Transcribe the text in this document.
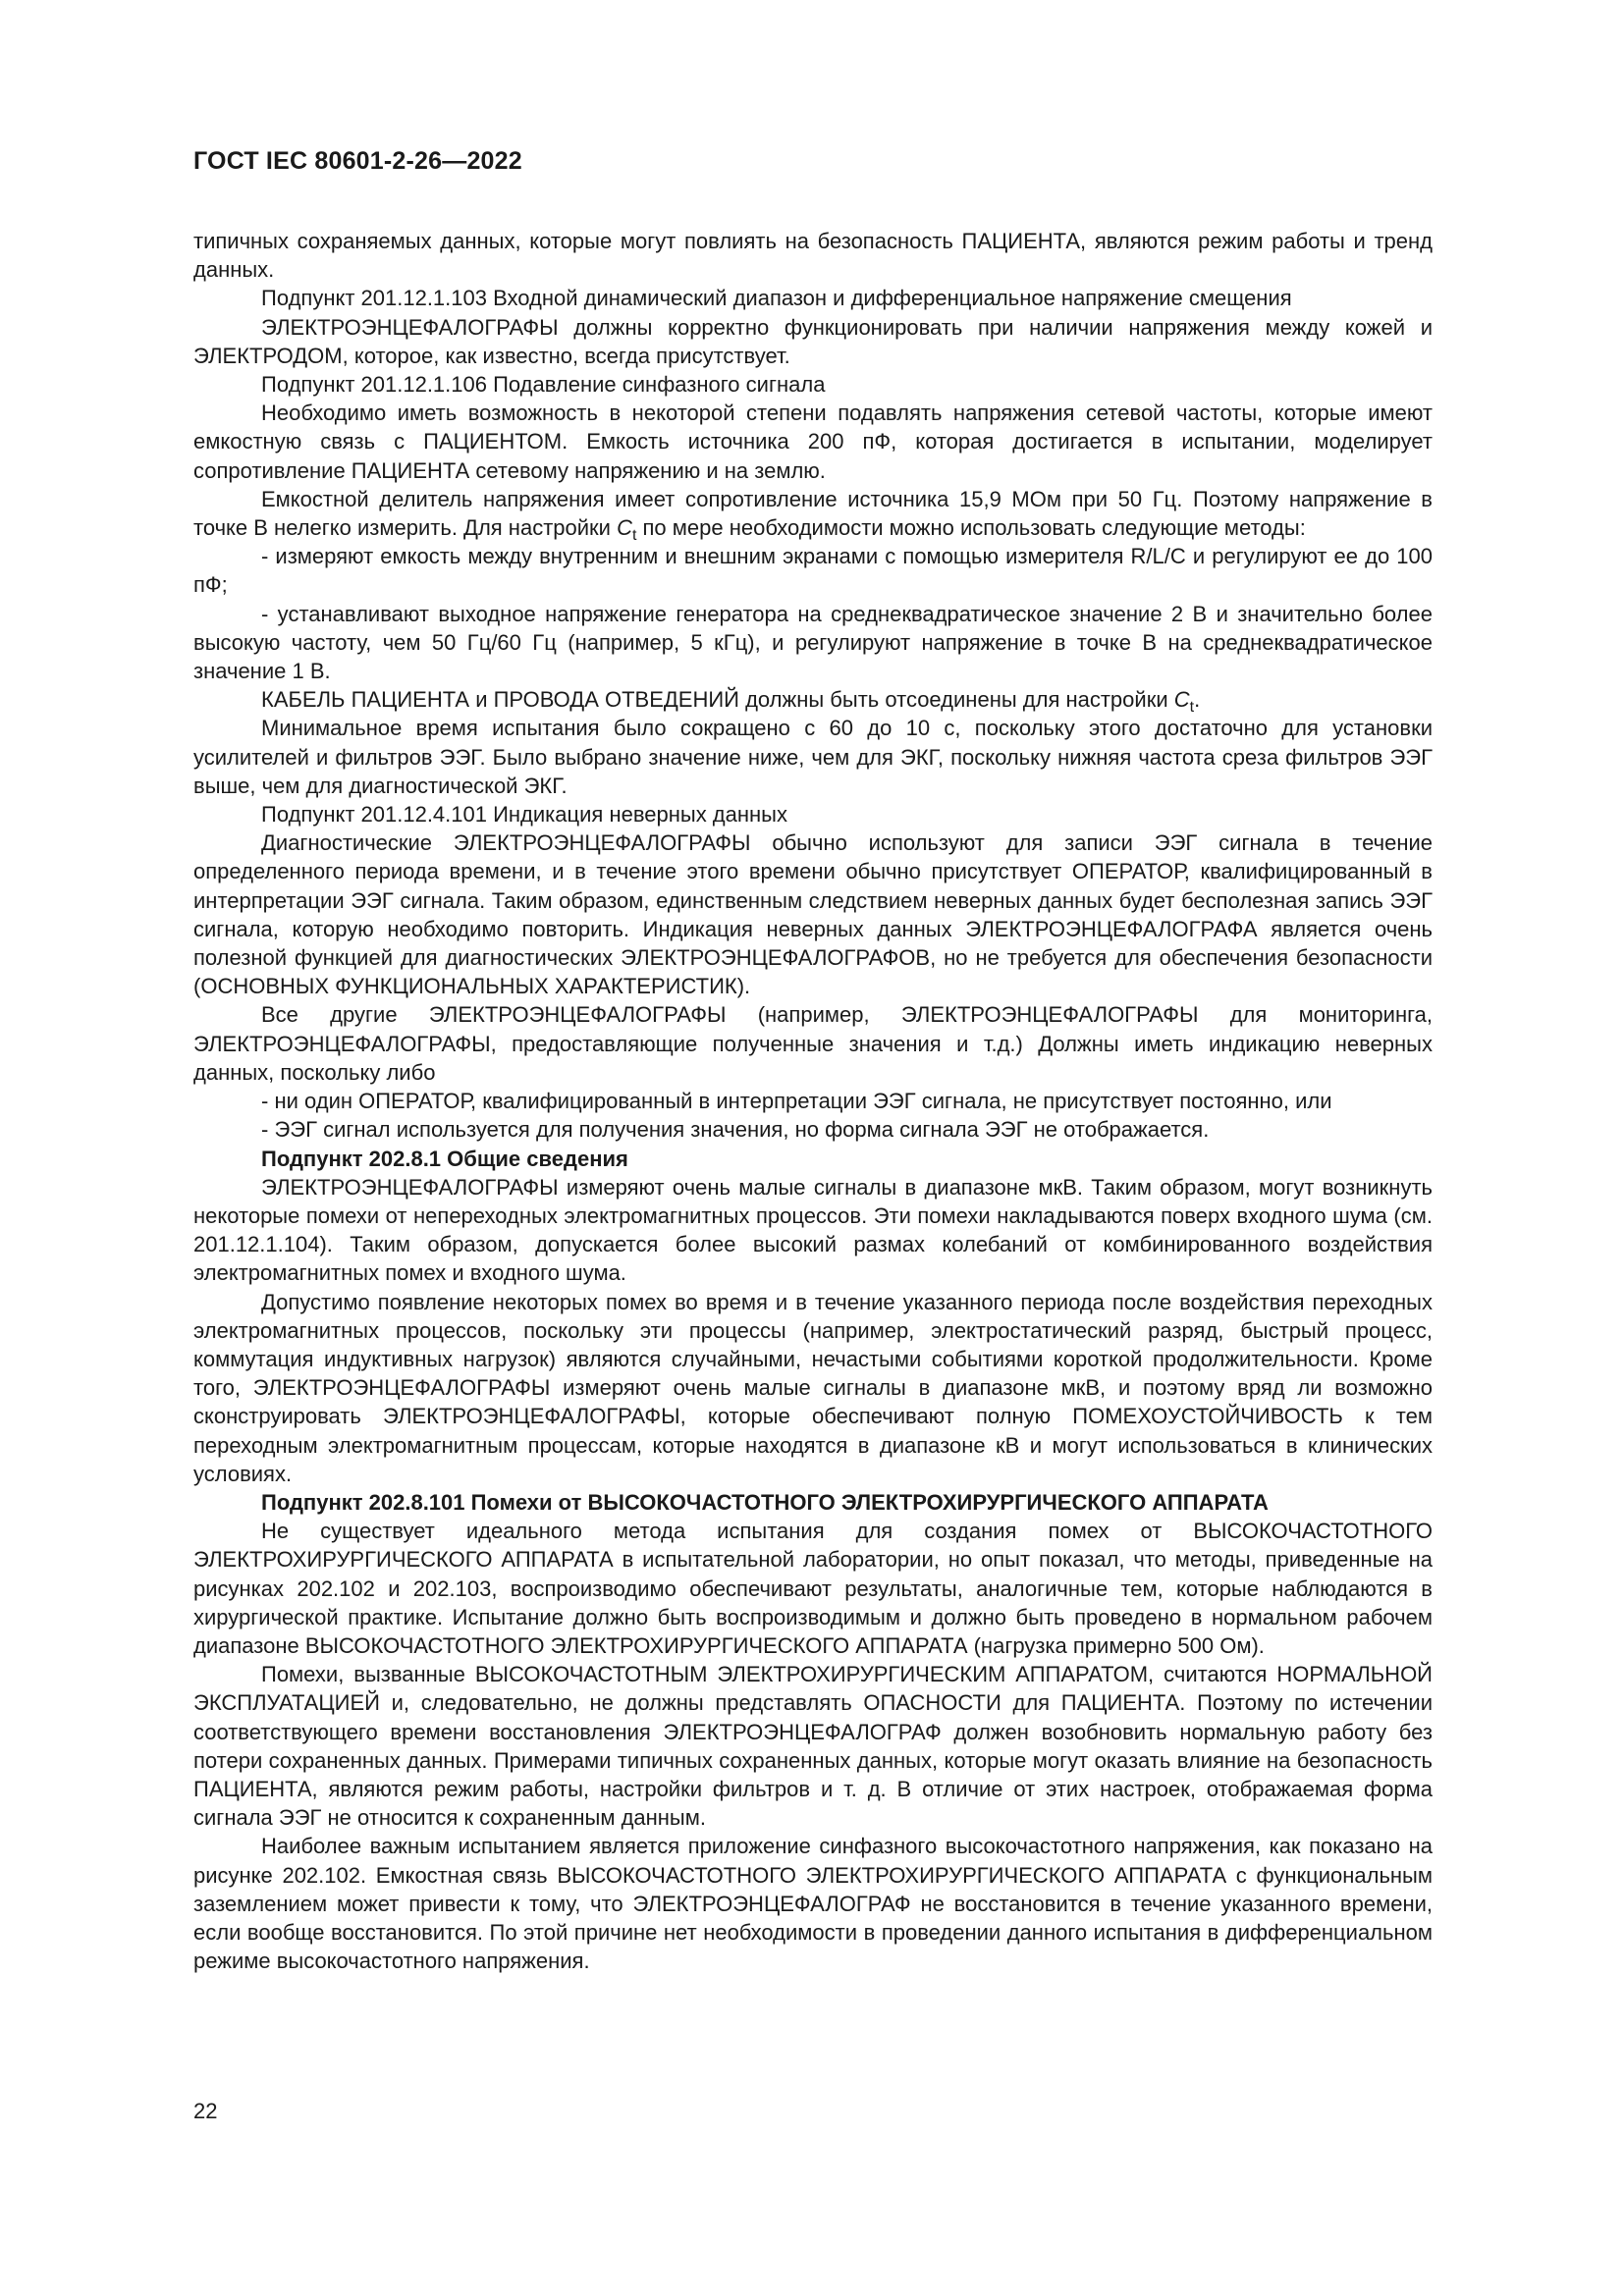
ГОСТ IEC 80601-2-26—2022

типичных сохраняемых данных, которые могут повлиять на безопасность ПАЦИЕНТА, являются режим работы и тренд данных.

Подпункт 201.12.1.103 Входной динамический диапазон и дифференциальное напряжение смещения

ЭЛЕКТРОЭНЦЕФАЛОГРАФЫ должны корректно функционировать при наличии напряжения между кожей и ЭЛЕКТРОДОМ, которое, как известно, всегда присутствует.

Подпункт 201.12.1.106 Подавление синфазного сигнала

Необходимо иметь возможность в некоторой степени подавлять напряжения сетевой частоты, которые имеют емкостную связь с ПАЦИЕНТОМ. Емкость источника 200 пФ, которая достигается в испытании, моделирует сопротивление ПАЦИЕНТА сетевому напряжению и на землю.

Емкостной делитель напряжения имеет сопротивление источника 15,9 МОм при 50 Гц. Поэтому напряжение в точке B нелегко измерить. Для настройки $C_t$ по мере необходимости можно использовать следующие методы:

- измеряют емкость между внутренним и внешним экранами с помощью измерителя R/L/C и регулируют ее до 100 пФ;

- устанавливают выходное напряжение генератора на среднеквадратическое значение 2 В и значительно более высокую частоту, чем 50 Гц/60 Гц (например, 5 кГц), и регулируют напряжение в точке B на среднеквадратическое значение 1 В.

КАБЕЛЬ ПАЦИЕНТА и ПРОВОДА ОТВЕДЕНИЙ должны быть отсоединены для настройки $C_t$.

Минимальное время испытания было сокращено с 60 до 10 с, поскольку этого достаточно для установки усилителей и фильтров ЭЭГ. Было выбрано значение ниже, чем для ЭКГ, поскольку нижняя частота среза фильтров ЭЭГ выше, чем для диагностической ЭКГ.

Подпункт 201.12.4.101 Индикация неверных данных

Диагностические ЭЛЕКТРОЭНЦЕФАЛОГРАФЫ обычно используют для записи ЭЭГ сигнала в течение определенного периода времени, и в течение этого времени обычно присутствует ОПЕРАТОР, квалифицированный в интерпретации ЭЭГ сигнала. Таким образом, единственным следствием неверных данных будет бесполезная запись ЭЭГ сигнала, которую необходимо повторить. Индикация неверных данных ЭЛЕКТРОЭНЦЕФАЛОГРАФА является очень полезной функцией для диагностических ЭЛЕКТРОЭНЦЕФАЛОГРАФОВ, но не требуется для обеспечения безопасности (ОСНОВНЫХ ФУНКЦИОНАЛЬНЫХ ХАРАКТЕРИСТИК).

Все другие ЭЛЕКТРОЭНЦЕФАЛОГРАФЫ (например, ЭЛЕКТРОЭНЦЕФАЛОГРАФЫ для мониторинга, ЭЛЕКТРОЭНЦЕФАЛОГРАФЫ, предоставляющие полученные значения и т.д.) Должны иметь индикацию неверных данных, поскольку либо

- ни один ОПЕРАТОР, квалифицированный в интерпретации ЭЭГ сигнала, не присутствует постоянно, или

- ЭЭГ сигнал используется для получения значения, но форма сигнала ЭЭГ не отображается.

Подпункт 202.8.1 Общие сведения

ЭЛЕКТРОЭНЦЕФАЛОГРАФЫ измеряют очень малые сигналы в диапазоне мкВ. Таким образом, могут возникнуть некоторые помехи от непереходных электромагнитных процессов. Эти помехи накладываются поверх входного шума (см. 201.12.1.104). Таким образом, допускается более высокий размах колебаний от комбинированного воздействия электромагнитных помех и входного шума.

Допустимо появление некоторых помех во время и в течение указанного периода после воздействия переходных электромагнитных процессов, поскольку эти процессы (например, электростатический разряд, быстрый процесс, коммутация индуктивных нагрузок) являются случайными, нечастыми событиями короткой продолжительности. Кроме того, ЭЛЕКТРОЭНЦЕФАЛОГРАФЫ измеряют очень малые сигналы в диапазоне мкВ, и поэтому вряд ли возможно сконструировать ЭЛЕКТРОЭНЦЕФАЛОГРАФЫ, которые обеспечивают полную ПОМЕХОУСТОЙЧИВОСТЬ к тем переходным электромагнитным процессам, которые находятся в диапазоне кВ и могут использоваться в клинических условиях.

Подпункт 202.8.101 Помехи от ВЫСОКОЧАСТОТНОГО ЭЛЕКТРОХИРУРГИЧЕСКОГО АППАРАТА

Не существует идеального метода испытания для создания помех от ВЫСОКОЧАСТОТНОГО ЭЛЕКТРОХИРУРГИЧЕСКОГО АППАРАТА в испытательной лаборатории, но опыт показал, что методы, приведенные на рисунках 202.102 и 202.103, воспроизводимо обеспечивают результаты, аналогичные тем, которые наблюдаются в хирургической практике. Испытание должно быть воспроизводимым и должно быть проведено в нормальном рабочем диапазоне ВЫСОКОЧАСТОТНОГО ЭЛЕКТРОХИРУРГИЧЕСКОГО АППАРАТА (нагрузка примерно 500 Ом).

Помехи, вызванные ВЫСОКОЧАСТОТНЫМ ЭЛЕКТРОХИРУРГИЧЕСКИМ АППАРАТОМ, считаются НОРМАЛЬНОЙ ЭКСПЛУАТАЦИЕЙ и, следовательно, не должны представлять ОПАСНОСТИ для ПАЦИЕНТА. Поэтому по истечении соответствующего времени восстановления ЭЛЕКТРОЭНЦЕФАЛОГРАФ должен возобновить нормальную работу без потери сохраненных данных. Примерами типичных сохраненных данных, которые могут оказать влияние на безопасность ПАЦИЕНТА, являются режим работы, настройки фильтров и т. д. В отличие от этих настроек, отображаемая форма сигнала ЭЭГ не относится к сохраненным данным.

Наиболее важным испытанием является приложение синфазного высокочастотного напряжения, как показано на рисунке 202.102. Емкостная связь ВЫСОКОЧАСТОТНОГО ЭЛЕКТРОХИРУРГИЧЕСКОГО АППАРАТА с функциональным заземлением может привести к тому, что ЭЛЕКТРОЭНЦЕФАЛОГРАФ не восстановится в течение указанного времени, если вообще восстановится. По этой причине нет необходимости в проведении данного испытания в дифференциальном режиме высокочастотного напряжения.

22
